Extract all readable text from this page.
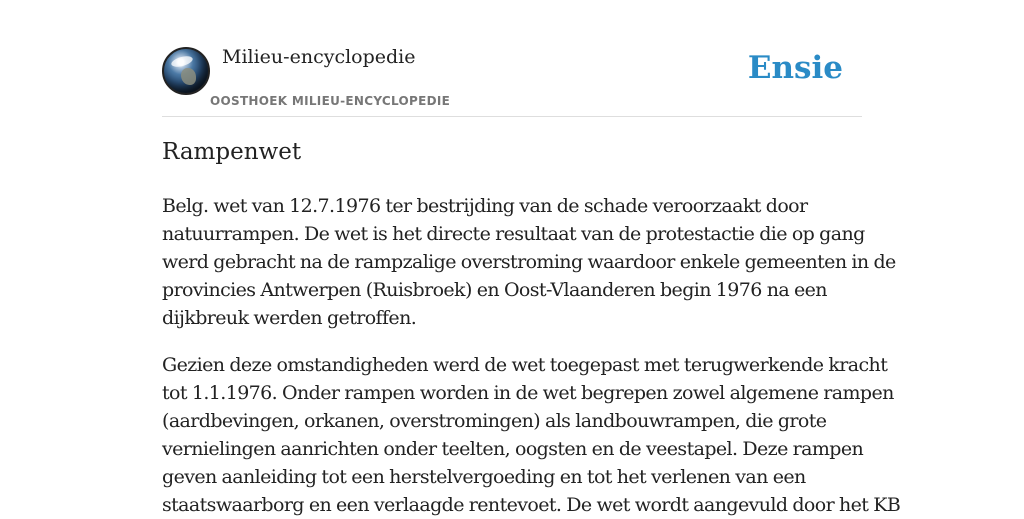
Milieu-encyclopedie
OOSTHOEK MILIEU-ENCYCLOPEDIE
Ensie
Rampenwet

Belg. wet van 12.7.1976 ter bestrijding van de schade veroorzaakt door
natuurrampen. De wet is het directe resultaat van de protestactie die op gang
werd gebracht na de rampzalige overstroming waardoor enkele gemeenten in de
provincies Antwerpen (Ruisbroek) en Oost-Vlaanderen begin 1976 na een
dijkbreuk werden getroffen.

Gezien deze omstandigheden werd de wet toegepast met terugwerkende kracht
tot 1.1.1976. Onder rampen worden in de wet begrepen zowel algemene rampen
(aardbevingen, orkanen, overstromingen) als landbouwrampen, die grote
vernielingen aanrichten onder teelten, oogsten en de veestapel. Deze rampen
geven aanleiding tot een herstelvergoeding en tot het verlenen van een
staatswaarborg en een verlaagde rentevoet. De wet wordt aangevuld door het KB
